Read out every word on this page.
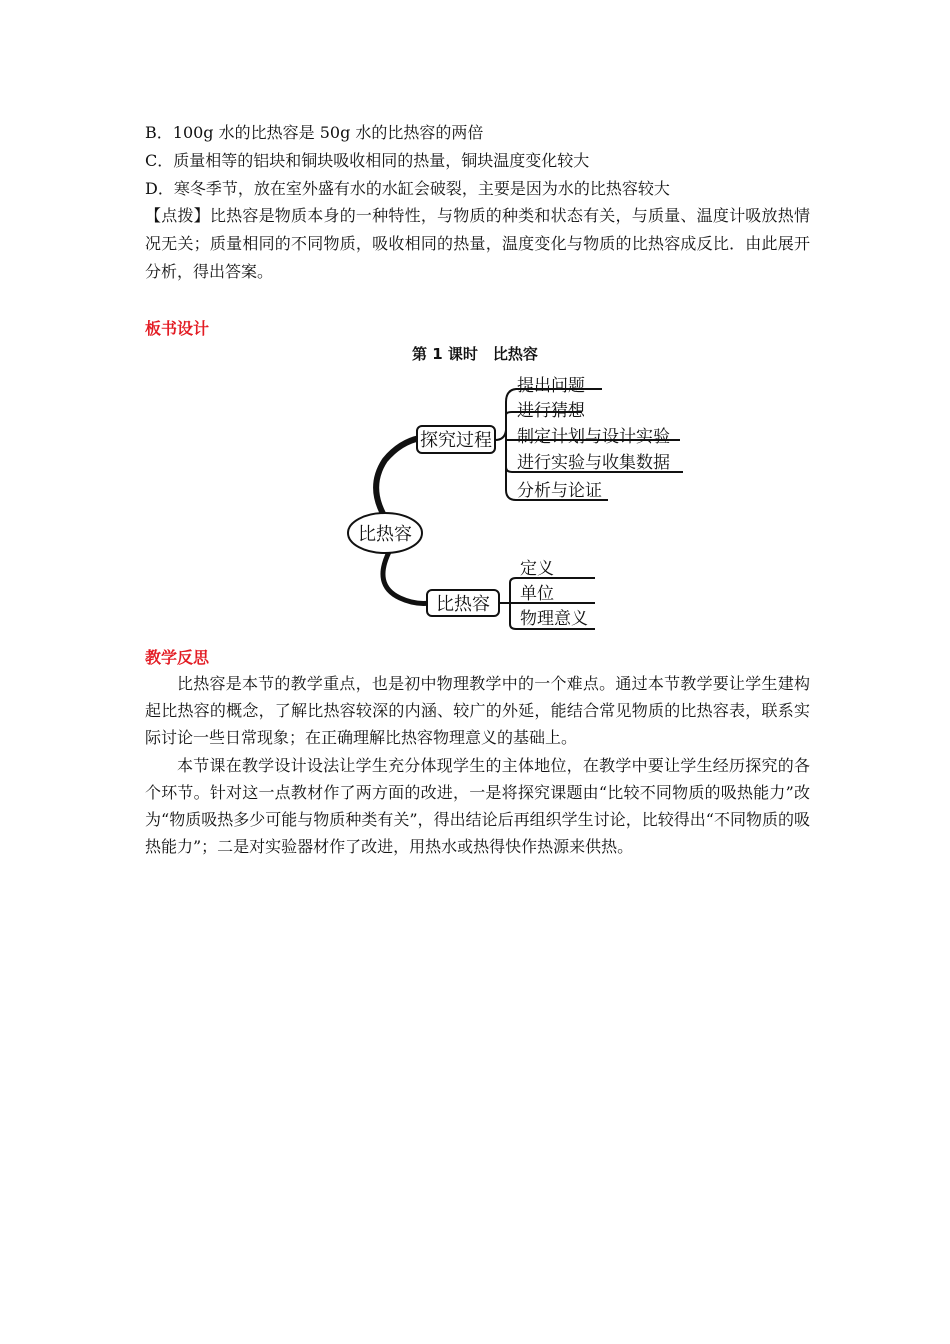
B．100g 水的比热容是 50g 水的比热容的两倍
C．质量相等的铝块和铜块吸收相同的热量，铜块温度变化较大
D．寒冬季节，放在室外盛有水的水缸会破裂，主要是因为水的比热容较大
【点拨】比热容是物质本身的一种特性，与物质的种类和状态有关，与质量、温度计吸放热情况无关；质量相同的不同物质，吸收相同的热量，温度变化与物质的比热容成反比．由此展开分析，得出答案。
板书设计
第 1 课时　比热容
比热容
探究过程
提出问题
进行猜想
制定计划与设计实验
进行实验与收集数据
分析与论证
比热容
定义
单位
物理意义
教学反思
比热容是本节的教学重点，也是初中物理教学中的一个难点。通过本节教学要让学生建构起比热容的概念，了解比热容较深的内涵、较广的外延，能结合常见物质的比热容表，联系实际讨论一些日常现象；在正确理解比热容物理意义的基础上。
本节课在教学设计设法让学生充分体现学生的主体地位，在教学中要让学生经历探究的各个环节。针对这一点教材作了两方面的改进，一是将探究课题由“比较不同物质的吸热能力”改为“物质吸热多少可能与物质种类有关”，得出结论后再组织学生讨论，比较得出“不同物质的吸热能力”；二是对实验器材作了改进，用热水或热得快作热源来供热。
